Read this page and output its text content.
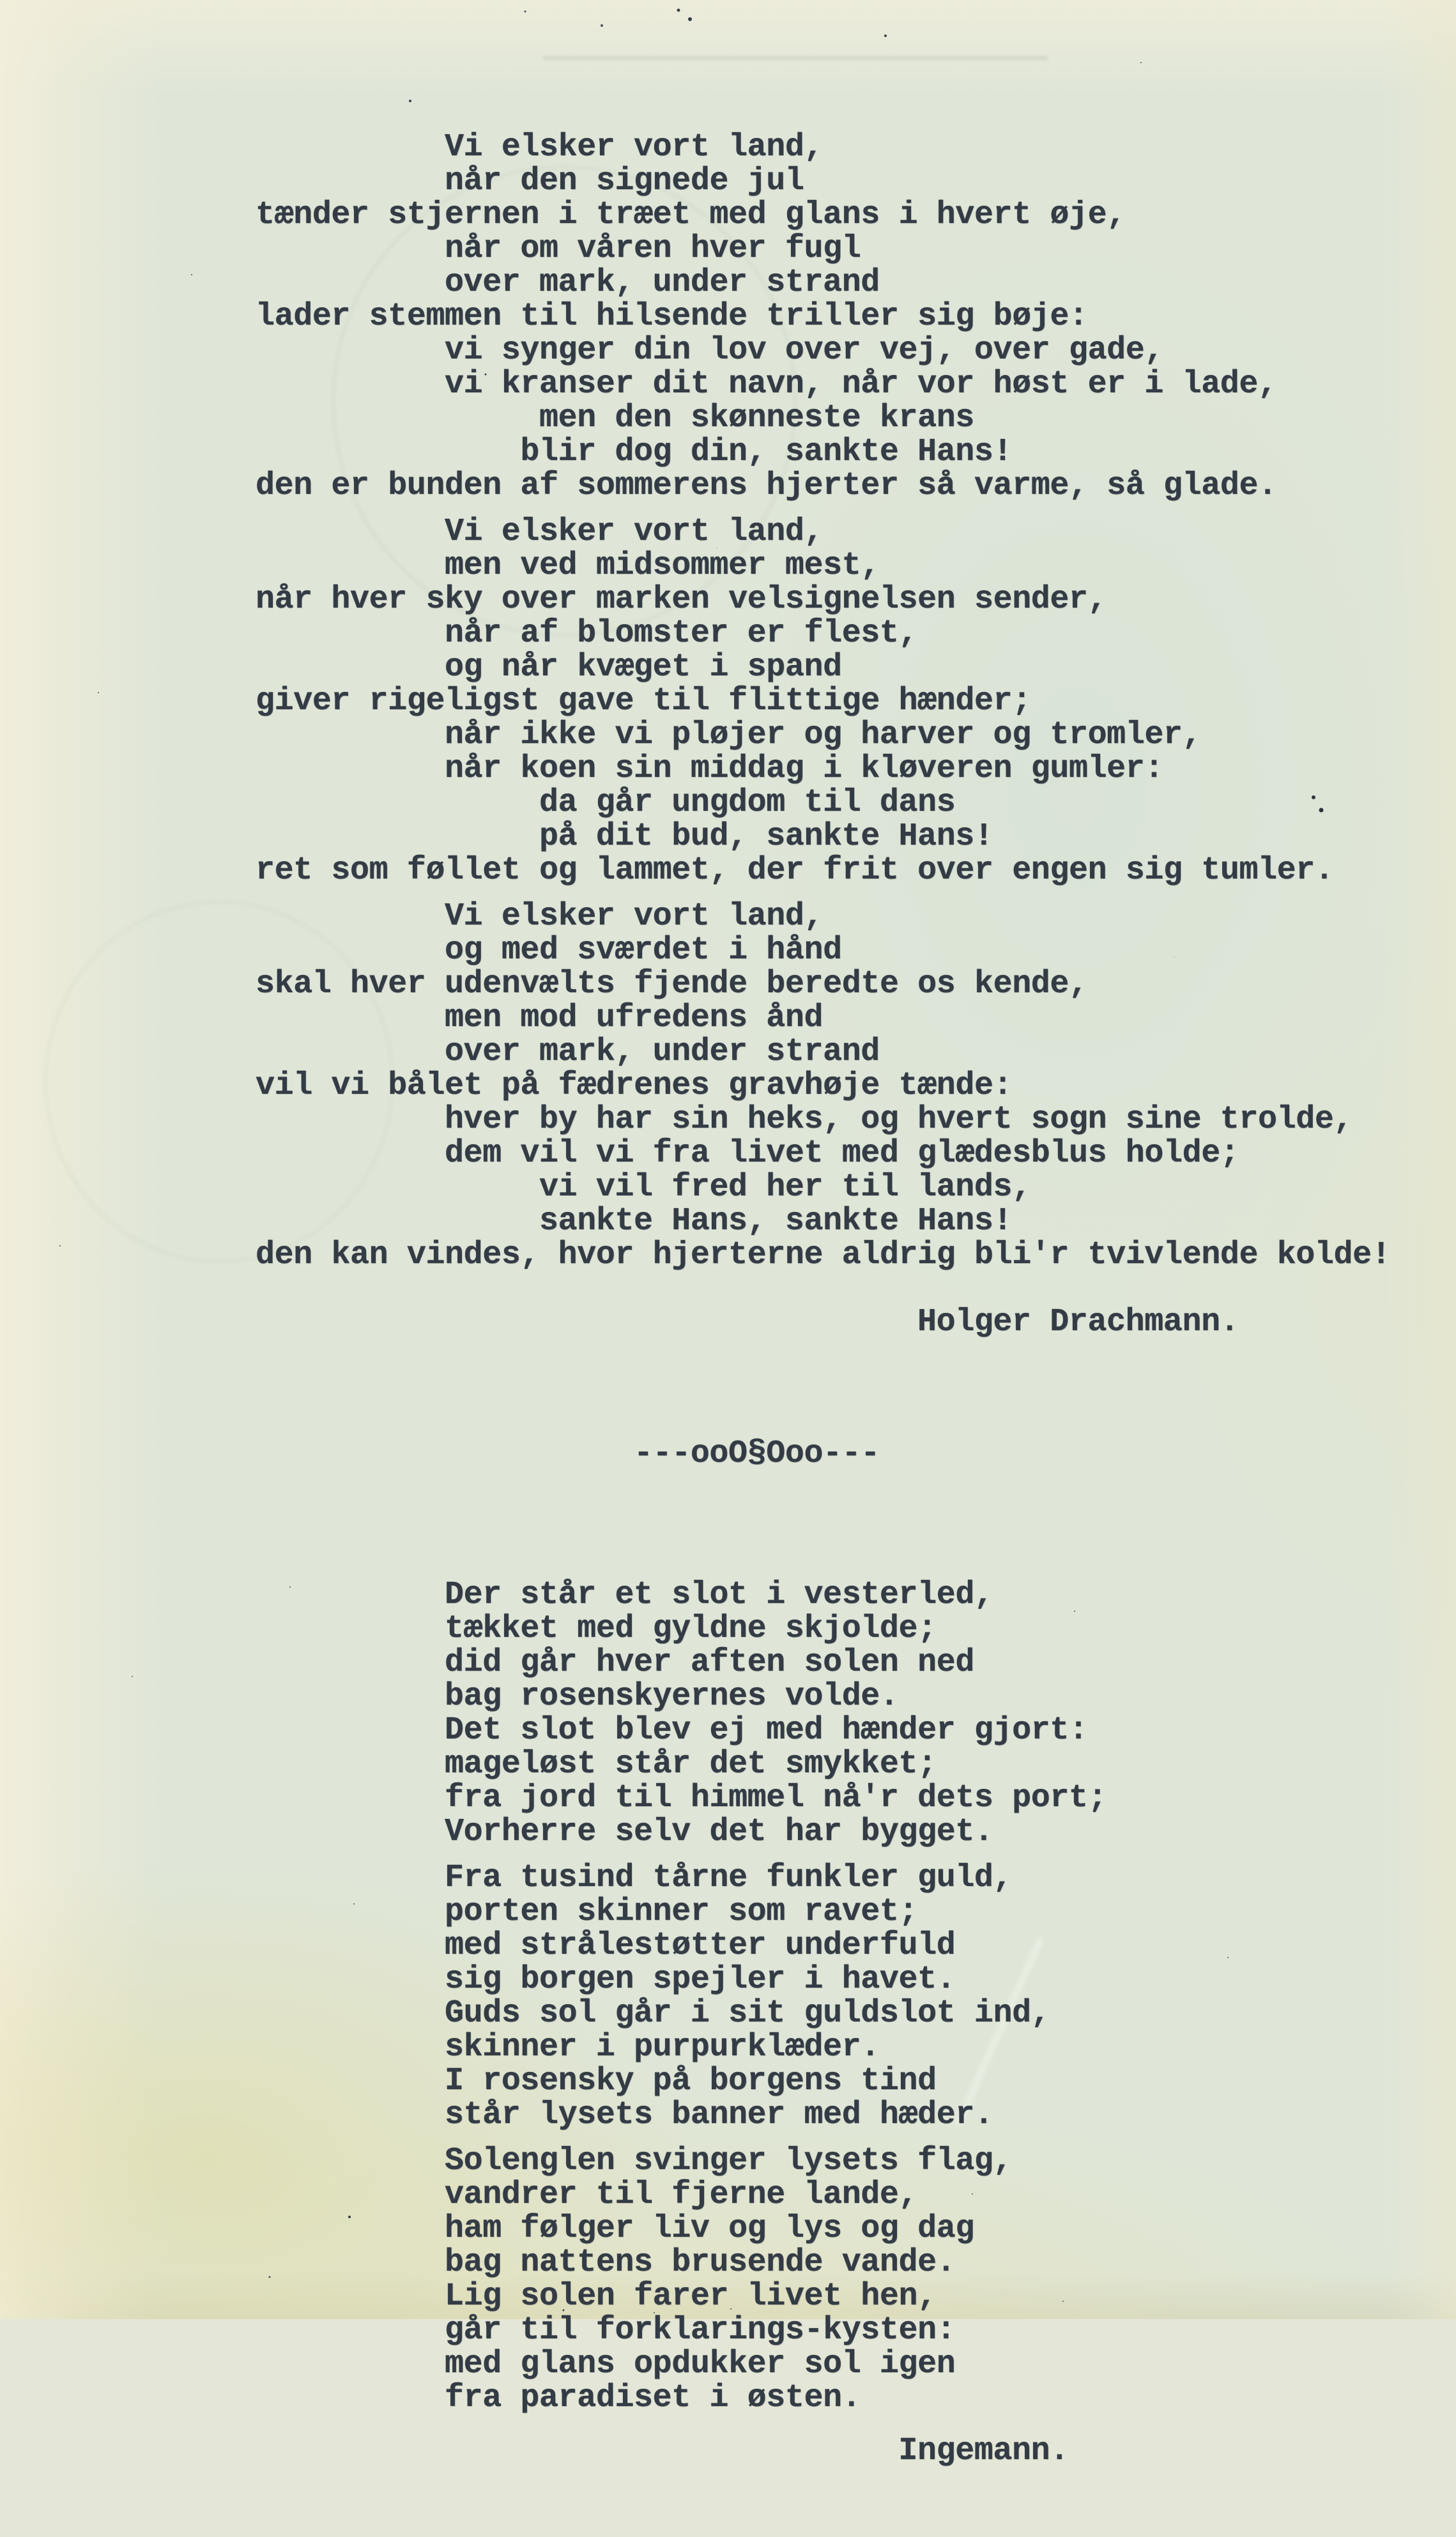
Vi elsker vort land,
når den signede jul
tænder stjernen i træet med glans i hvert øje,
når om våren hver fugl
over mark, under strand
lader stemmen til hilsende triller sig bøje:
vi synger din lov over vej, over gade,
vi kranser dit navn, når vor høst er i lade,
men den skønneste krans
blir dog din, sankte Hans!
den er bunden af sommerens hjerter så varme, så glade.
Vi elsker vort land,
men ved midsommer mest,
når hver sky over marken velsignelsen sender,
når af blomster er flest,
og når kvæget i spand
giver rigeligst gave til flittige hænder;
når ikke vi pløjer og harver og tromler,
når koen sin middag i kløveren gumler:
da går ungdom til dans
på dit bud, sankte Hans!
ret som føllet og lammet, der frit over engen sig tumler.
Vi elsker vort land,
og med sværdet i hånd
skal hver udenvælts fjende beredte os kende,
men mod ufredens ånd
over mark, under strand
vil vi bålet på fædrenes gravhøje tænde:
hver by har sin heks, og hvert sogn sine trolde,
dem vil vi fra livet med glædesblus holde;
vi vil fred her til lands,
sankte Hans, sankte Hans!
den kan vindes, hvor hjerterne aldrig bli'r tvivlende kolde!
Holger Drachmann.

---ooO§Ooo---

Der står et slot i vesterled,
tækket med gyldne skjolde;
did går hver aften solen ned
bag rosenskyernes volde.
Det slot blev ej med hænder gjort:
mageløst står det smykket;
fra jord til himmel nå'r dets port;
Vorherre selv det har bygget.
Fra tusind tårne funkler guld,
porten skinner som ravet;
med strålestøtter underfuld
sig borgen spejler i havet.
Guds sol går i sit guldslot ind,
skinner i purpurklæder.
I rosensky på borgens tind
står lysets banner med hæder.
Solenglen svinger lysets flag,
vandrer til fjerne lande,
ham følger liv og lys og dag
bag nattens brusende vande.
Lig solen farer livet hen,
går til forklarings-kysten:
med glans opdukker sol igen
fra paradiset i østen.
Ingemann.
